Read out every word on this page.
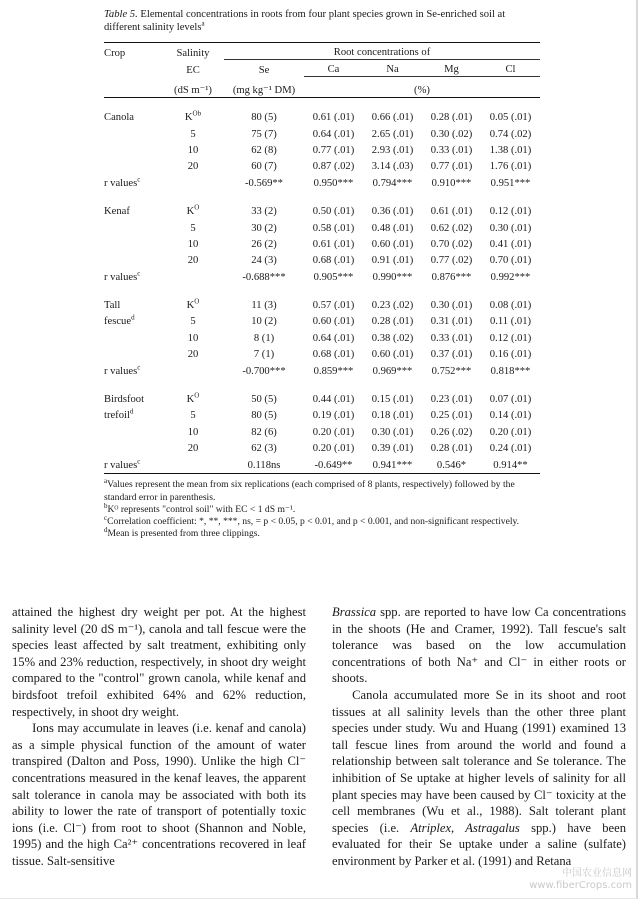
Table 5. Elemental concentrations in roots from four plant species grown in Se-enriched soil at different salinity levels$^a$

Crop	Salinity	Root concentrations of				
	EC	Se	Ca	Na	Mg	Cl
	(dS m⁻¹)	(mg kg⁻¹ DM)	(%)			

Canola	$K^{Ob}$	80 (5)	0.61 (.01)	0.66 (.01)	0.28 (.01)	0.05 (.01)
	5	75 (7)	0.64 (.01)	2.65 (.01)	0.30 (.02)	0.74 (.02)
	10	62 (8)	0.77 (.01)	2.93 (.01)	0.33 (.01)	1.38 (.01)
	20	60 (7)	0.87 (.02)	3.14 (.03)	0.77 (.01)	1.76 (.01)
r values$^c$		-0.569**	0.950***	0.794***	0.910***	0.951***

Kenaf	$K^O$	33 (2)	0.50 (.01)	0.36 (.01)	0.61 (.01)	0.12 (.01)
	5	30 (2)	0.58 (.01)	0.48 (.01)	0.62 (.02)	0.30 (.01)
	10	26 (2)	0.61 (.01)	0.60 (.01)	0.70 (.02)	0.41 (.01)
	20	24 (3)	0.68 (.01)	0.91 (.01)	0.77 (.02)	0.70 (.01)
r values$^c$		-0.688***	0.905***	0.990***	0.876***	0.992***

Tall	$K^O$	11 (3)	0.57 (.01)	0.23 (.02)	0.30 (.01)	0.08 (.01)
fescue$^d$	5	10 (2)	0.60 (.01)	0.28 (.01)	0.31 (.01)	0.11 (.01)
	10	8 (1)	0.64 (.01)	0.38 (.02)	0.33 (.01)	0.12 (.01)
	20	7 (1)	0.68 (.01)	0.60 (.01)	0.37 (.01)	0.16 (.01)
r values$^c$		-0.700***	0.859***	0.969***	0.752***	0.818***

Birdsfoot	$K^O$	50 (5)	0.44 (.01)	0.15 (.01)	0.23 (.01)	0.07 (.01)
trefoil$^d$	5	80 (5)	0.19 (.01)	0.18 (.01)	0.25 (.01)	0.14 (.01)
	10	82 (6)	0.20 (.01)	0.30 (.01)	0.26 (.02)	0.20 (.01)
	20	62 (3)	0.20 (.01)	0.39 (.01)	0.28 (.01)	0.24 (.01)
r values$^c$		0.118ns	-0.649**	0.941***	0.546*	0.914**

$^a$Values represent the mean from six replications (each comprised of 8 plants, respectively) followed by the standard error in parenthesis.

$^b$Kᴼ represents "control soil" with EC < 1 dS m⁻¹.

$^c$Correlation coefficient: *, **, ***, ns, = p < 0.05, p < 0.01, and p < 0.001, and non-significant respectively.

$^d$Mean is presented from three clippings.

attained the highest dry weight per pot. At the highest salinity level (20 dS m⁻¹), canola and tall fescue were the species least affected by salt treatment, exhibiting only 15% and 23% reduction, respectively, in shoot dry weight compared to the "control" grown canola, while kenaf and birdsfoot trefoil exhibited 64% and 62% reduction, respectively, in shoot dry weight.

Ions may accumulate in leaves (i.e. kenaf and canola) as a simple physical function of the amount of water transpired (Dalton and Poss, 1990). Unlike the high Cl⁻ concentrations measured in the kenaf leaves, the apparent salt tolerance in canola may be associated with both its ability to lower the rate of transport of potentially toxic ions (i.e. Cl⁻) from root to shoot (Shannon and Noble, 1995) and the high Ca²⁺ concentrations recovered in leaf tissue. Salt-sensitive

Brassica spp. are reported to have low Ca concentrations in the shoots (He and Cramer, 1992). Tall fescue's salt tolerance was based on the low accumulation concentrations of both Na⁺ and Cl⁻ in either roots or shoots.

Canola accumulated more Se in its shoot and root tissues at all salinity levels than the other three plant species under study. Wu and Huang (1991) examined 13 tall fescue lines from around the world and found a relationship between salt tolerance and Se tolerance. The inhibition of Se uptake at higher levels of salinity for all plant species may have been caused by Cl⁻ toxicity at the cell membranes (Wu et al., 1988). Salt tolerant plant species (i.e. Atriplex, Astragalus spp.) have been evaluated for their Se uptake under a saline (sulfate) environment by Parker et al. (1991) and Retana

中国农业信息网
www.fiberCrops.com
